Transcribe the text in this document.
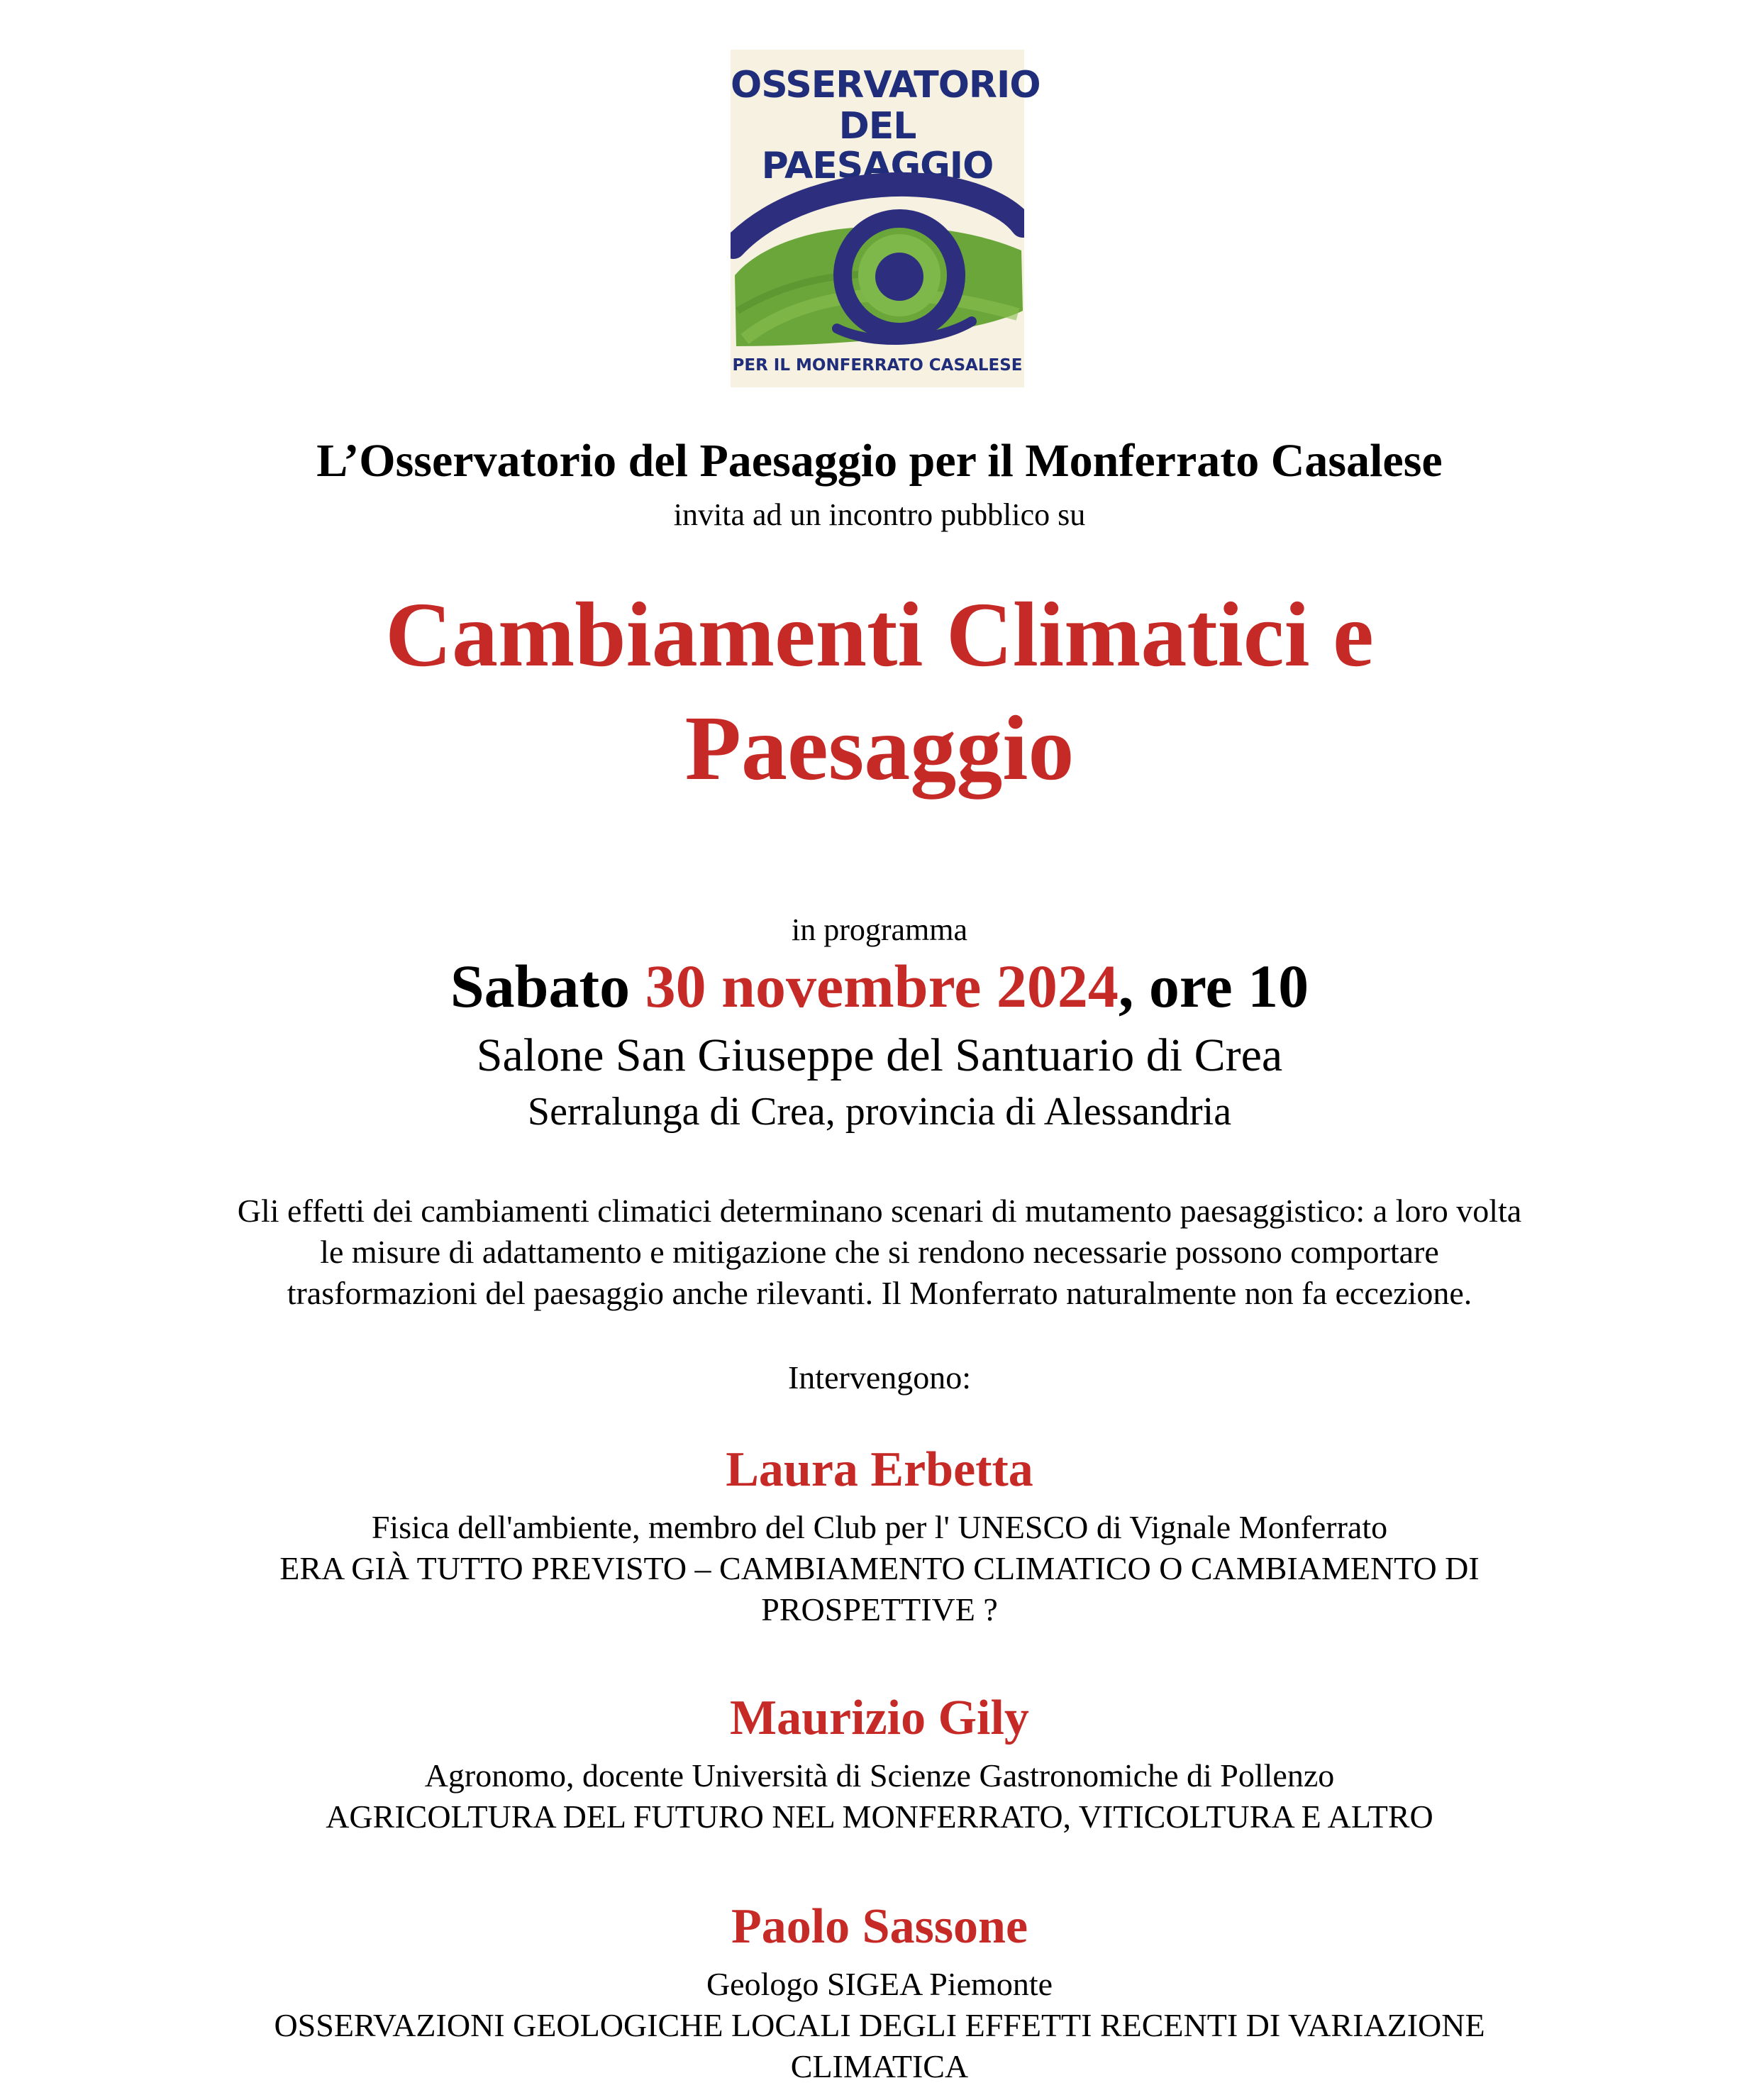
OSSERVATORIO
DEL PAESAGGIO
PER IL MONFERRATO CASALESE
L’Osservatorio del Paesaggio per il Monferrato Casalese
invita ad un incontro pubblico su
Cambiamenti Climatici e
Paesaggio
in programma
Sabato 30 novembre 2024, ore 10
Salone San Giuseppe del Santuario di Crea
Serralunga di Crea, provincia di Alessandria
Gli effetti dei cambiamenti climatici determinano scenari di mutamento paesaggistico: a loro volta
le misure di adattamento e mitigazione che si rendono necessarie possono comportare
trasformazioni del paesaggio anche rilevanti. Il Monferrato naturalmente non fa eccezione.
Intervengono:
Laura Erbetta
Fisica dell'ambiente, membro del Club per l' UNESCO di Vignale Monferrato
ERA GIÀ TUTTO PREVISTO – CAMBIAMENTO CLIMATICO O CAMBIAMENTO DI
PROSPETTIVE ?
Maurizio Gily
Agronomo, docente Università di Scienze Gastronomiche di Pollenzo
AGRICOLTURA DEL FUTURO NEL MONFERRATO, VITICOLTURA E ALTRO
Paolo Sassone
Geologo SIGEA Piemonte
OSSERVAZIONI GEOLOGICHE LOCALI DEGLI EFFETTI RECENTI DI VARIAZIONE
CLIMATICA
